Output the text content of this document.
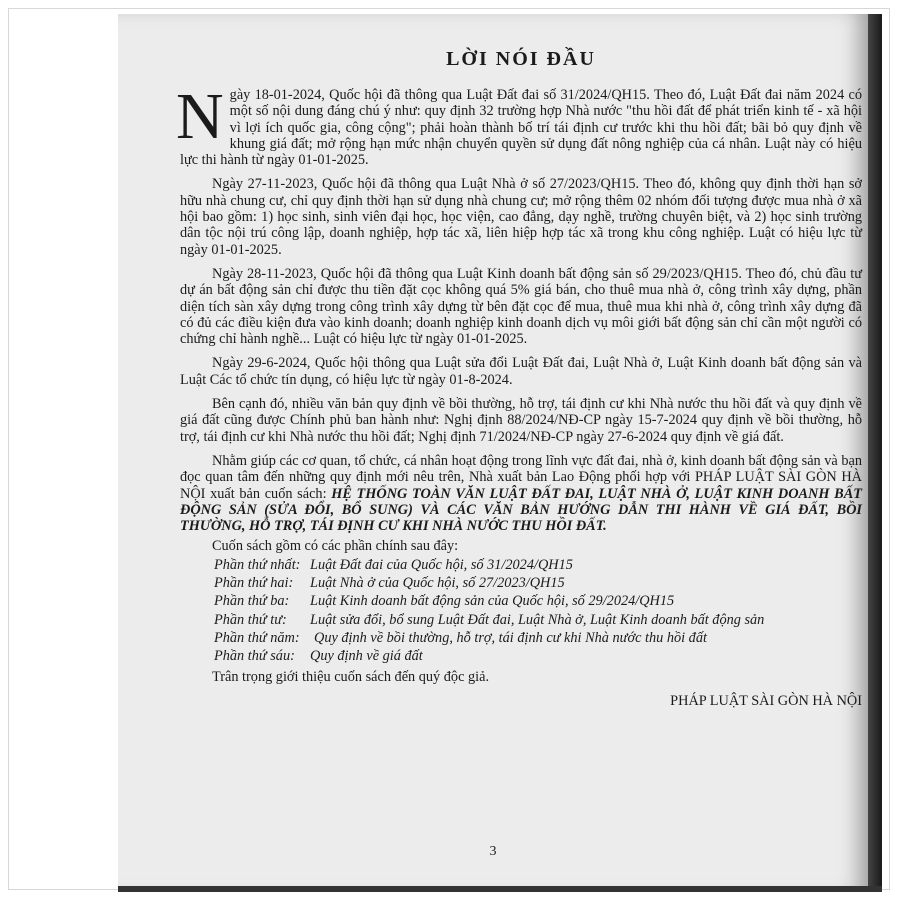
LỜI NÓI ĐẦU

Ngày 18-01-2024, Quốc hội đã thông qua Luật Đất đai số 31/2024/QH15. Theo đó, Luật Đất đai năm 2024 có một số nội dung đáng chú ý như: quy định 32 trường hợp Nhà nước "thu hồi đất để phát triển kinh tế - xã hội vì lợi ích quốc gia, công cộng"; phải hoàn thành bố trí tái định cư trước khi thu hồi đất; bãi bỏ quy định về khung giá đất; mở rộng hạn mức nhận chuyển quyền sử dụng đất nông nghiệp của cá nhân. Luật này có hiệu lực thi hành từ ngày 01-01-2025.

Ngày 27-11-2023, Quốc hội đã thông qua Luật Nhà ở số 27/2023/QH15. Theo đó, không quy định thời hạn sở hữu nhà chung cư, chỉ quy định thời hạn sử dụng nhà chung cư; mở rộng thêm 02 nhóm đối tượng được mua nhà ở xã hội bao gồm: 1) học sinh, sinh viên đại học, học viện, cao đẳng, dạy nghề, trường chuyên biệt, và 2) học sinh trường dân tộc nội trú công lập, doanh nghiệp, hợp tác xã, liên hiệp hợp tác xã trong khu công nghiệp. Luật có hiệu lực từ ngày 01-01-2025.

Ngày 28-11-2023, Quốc hội đã thông qua Luật Kinh doanh bất động sản số 29/2023/QH15. Theo đó, chủ đầu tư dự án bất động sản chỉ được thu tiền đặt cọc không quá 5% giá bán, cho thuê mua nhà ở, công trình xây dựng, phần diện tích sàn xây dựng trong công trình xây dựng từ bên đặt cọc để mua, thuê mua khi nhà ở, công trình xây dựng đã có đủ các điều kiện đưa vào kinh doanh; doanh nghiệp kinh doanh dịch vụ môi giới bất động sản chỉ cần một người có chứng chỉ hành nghề... Luật có hiệu lực từ ngày 01-01-2025.

Ngày 29-6-2024, Quốc hội thông qua Luật sửa đổi Luật Đất đai, Luật Nhà ở, Luật Kinh doanh bất động sản và Luật Các tổ chức tín dụng, có hiệu lực từ ngày 01-8-2024.

Bên cạnh đó, nhiều văn bản quy định về bồi thường, hỗ trợ, tái định cư khi Nhà nước thu hồi đất và quy định về giá đất cũng được Chính phủ ban hành như: Nghị định 88/2024/NĐ-CP ngày 15-7-2024 quy định về bồi thường, hỗ trợ, tái định cư khi Nhà nước thu hồi đất; Nghị định 71/2024/NĐ-CP ngày 27-6-2024 quy định về giá đất.

Nhằm giúp các cơ quan, tổ chức, cá nhân hoạt động trong lĩnh vực đất đai, nhà ở, kinh doanh bất động sản và bạn đọc quan tâm đến những quy định mới nêu trên, Nhà xuất bản Lao Động phối hợp với PHÁP LUẬT SÀI GÒN HÀ NỘI xuất bản cuốn sách: HỆ THỐNG TOÀN VĂN LUẬT ĐẤT ĐAI, LUẬT NHÀ Ở, LUẬT KINH DOANH BẤT ĐỘNG SẢN (SỬA ĐỔI, BỔ SUNG) VÀ CÁC VĂN BẢN HƯỚNG DẪN THI HÀNH VỀ GIÁ ĐẤT, BỒI THƯỜNG, HỖ TRỢ, TÁI ĐỊNH CƯ KHI NHÀ NƯỚC THU HỒI ĐẤT.

Cuốn sách gồm có các phần chính sau đây:

Phần thứ nhất: Luật Đất đai của Quốc hội, số 31/2024/QH15
Phần thứ hai:	Luật Nhà ở của Quốc hội, số 27/2023/QH15
Phần thứ ba:	Luật Kinh doanh bất động sản của Quốc hội, số 29/2024/QH15
Phần thứ tư:	Luật sửa đổi, bổ sung Luật Đất đai, Luật Nhà ở, Luật Kinh doanh bất động sản
Phần thứ năm:	Quy định về bồi thường, hỗ trợ, tái định cư khi Nhà nước thu hồi đất
Phần thứ sáu:	Quy định về giá đất

Trân trọng giới thiệu cuốn sách đến quý độc giả.

PHÁP LUẬT SÀI GÒN HÀ NỘI
3
